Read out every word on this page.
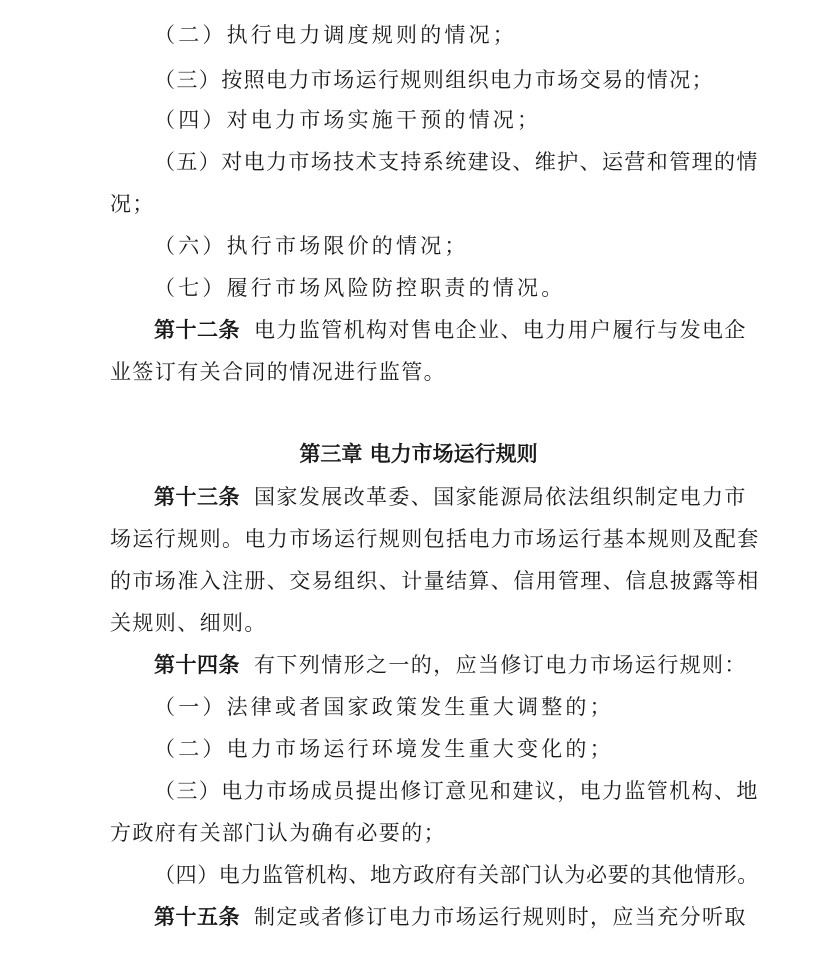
（二）执行电力调度规则的情况；
（三）按照电力市场运行规则组织电力市场交易的情况；
（四）对电力市场实施干预的情况；
（五）对电力市场技术支持系统建设、维护、运营和管理的情
况；
（六）执行市场限价的情况；
（七）履行市场风险防控职责的情况。
第十二条 电力监管机构对售电企业、电力用户履行与发电企
业签订有关合同的情况进行监管。
第三章 电力市场运行规则
第十三条 国家发展改革委、国家能源局依法组织制定电力市
场运行规则。电力市场运行规则包括电力市场运行基本规则及配套
的市场准入注册、交易组织、计量结算、信用管理、信息披露等相
关规则、细则。
第十四条 有下列情形之一的，应当修订电力市场运行规则：
（一）法律或者国家政策发生重大调整的；
（二）电力市场运行环境发生重大变化的；
（三）电力市场成员提出修订意见和建议，电力监管机构、地
方政府有关部门认为确有必要的；
（四）电力监管机构、地方政府有关部门认为必要的其他情形。
第十五条 制定或者修订电力市场运行规则时，应当充分听取
